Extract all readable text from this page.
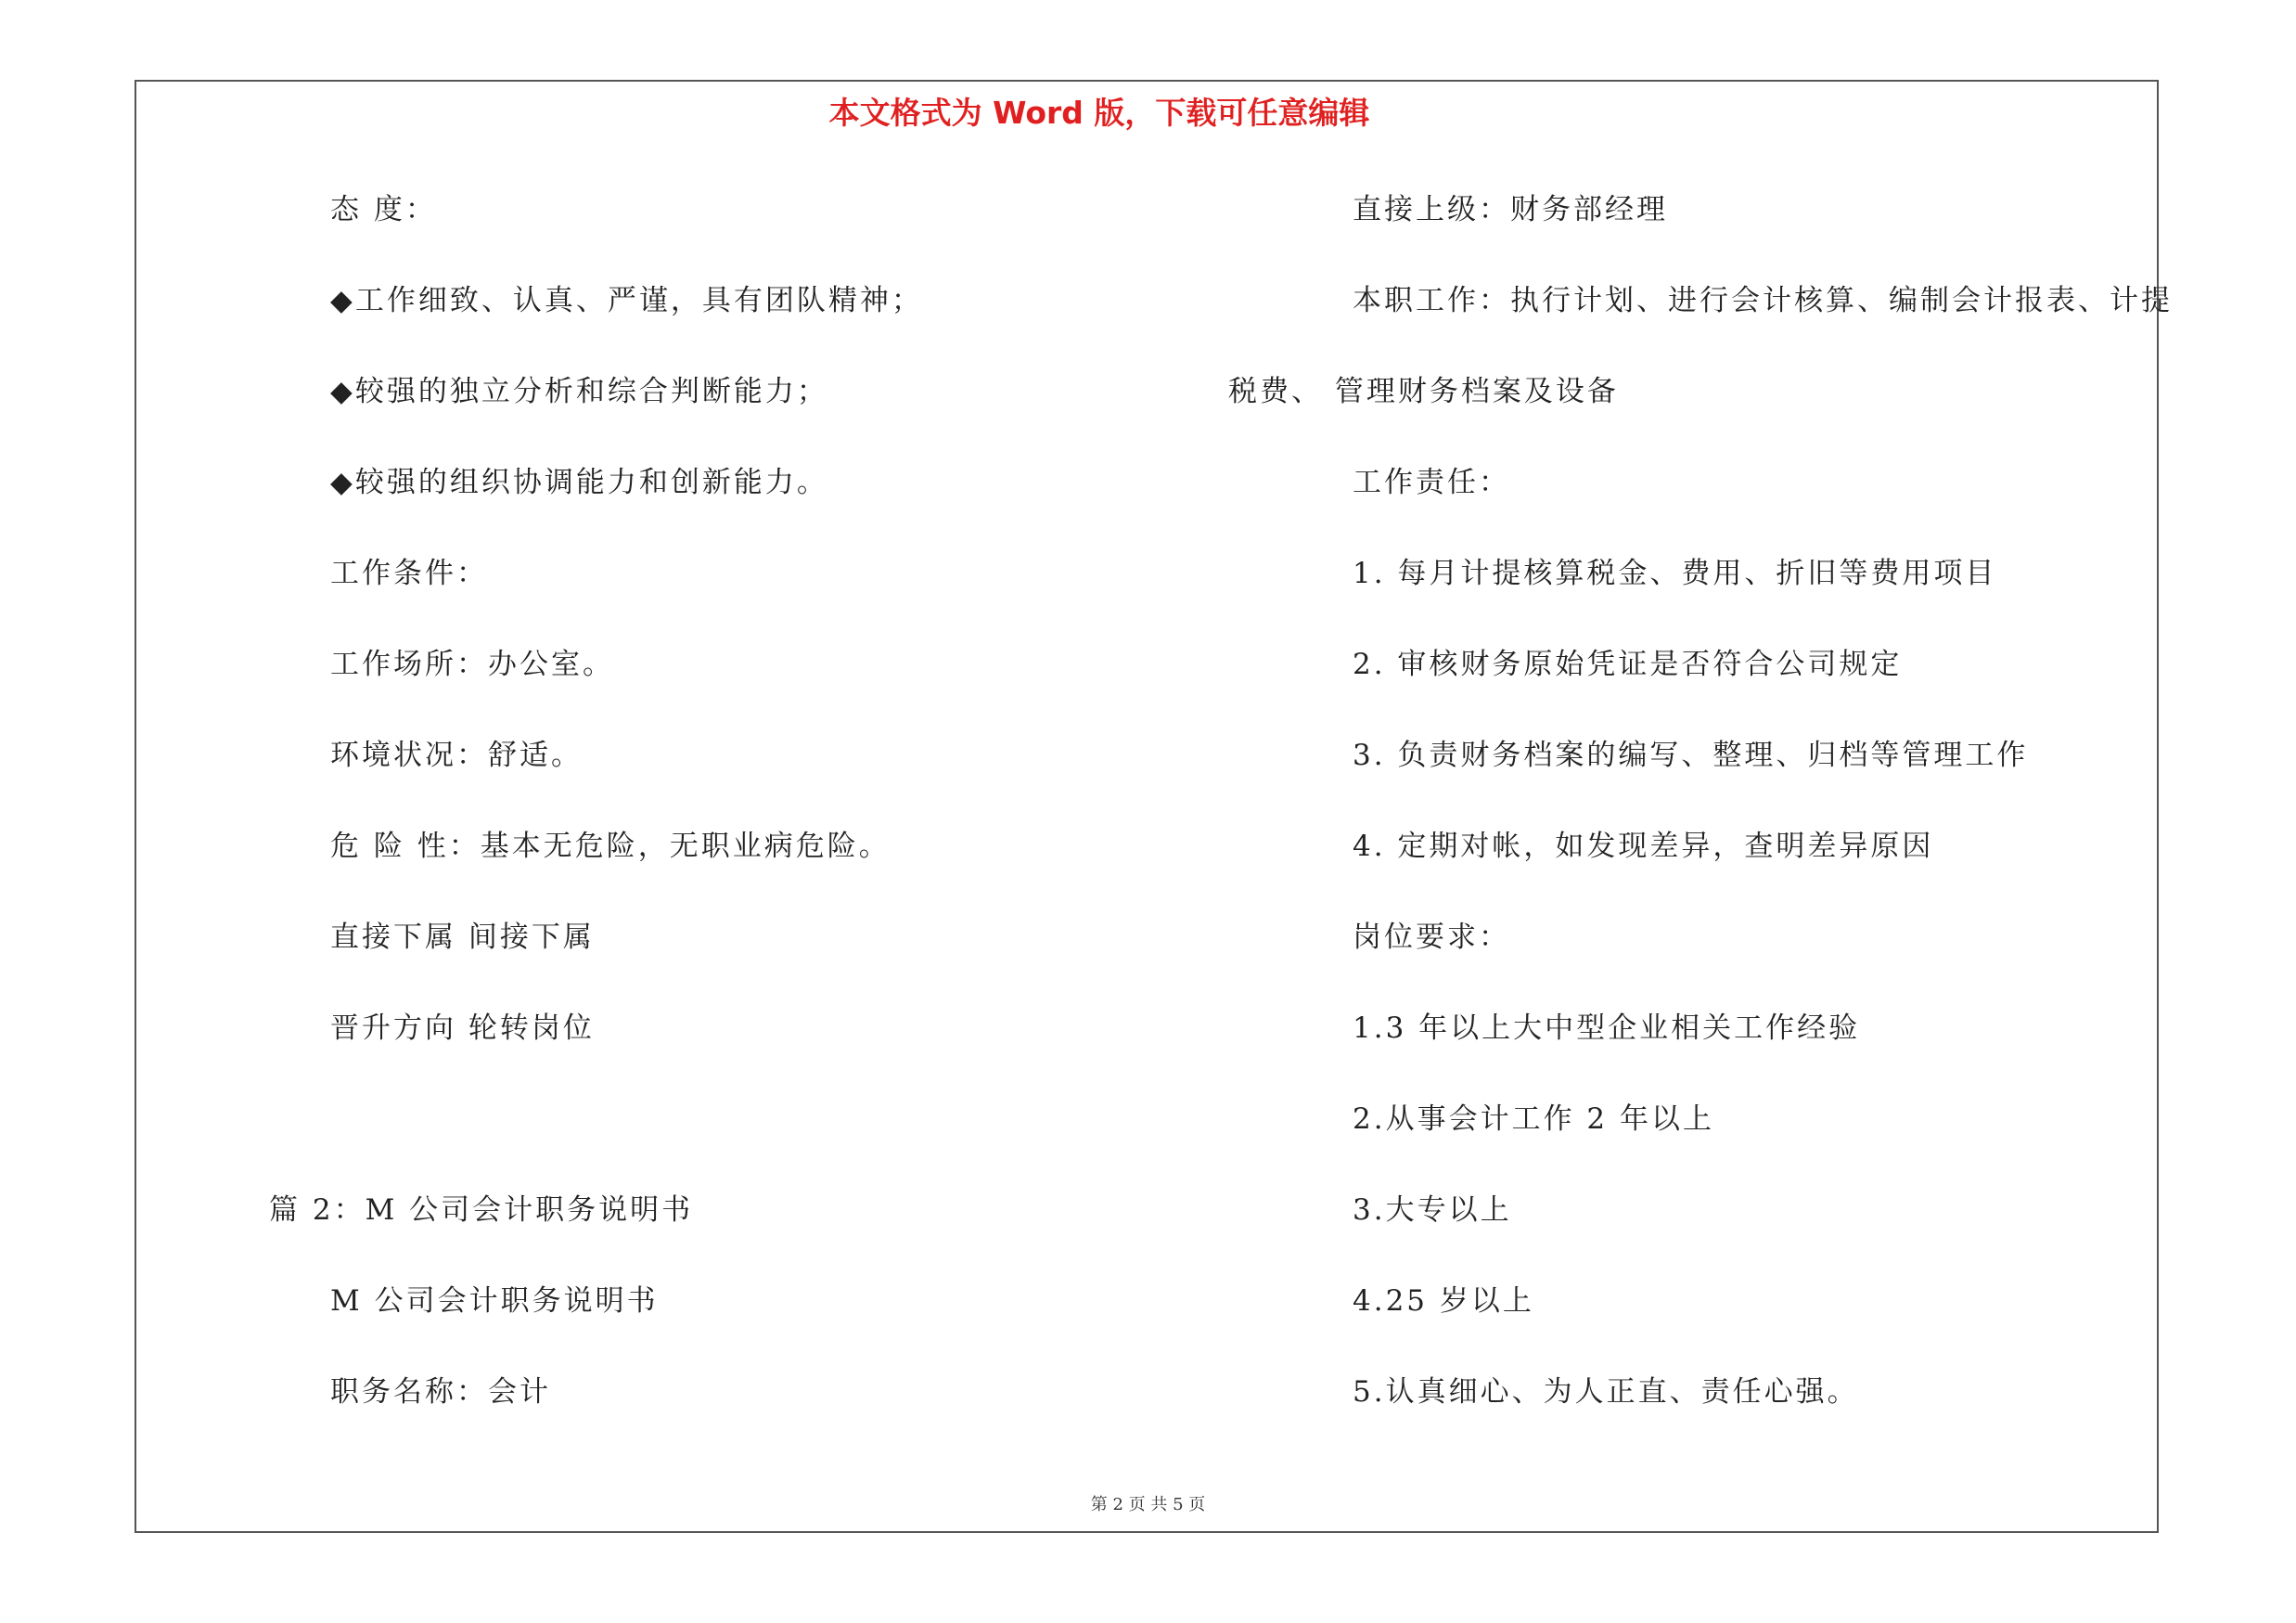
本文格式为 Word 版，下载可任意编辑
态 度：
◆工作细致、认真、严谨，具有团队精神；
◆较强的独立分析和综合判断能力；
◆较强的组织协调能力和创新能力。
工作条件：
工作场所：办公室。
环境状况：舒适。
危 险 性：基本无危险，无职业病危险。
直接下属 间接下属
晋升方向 轮转岗位
篇 2：M 公司会计职务说明书
M 公司会计职务说明书
职务名称：会计
直接上级：财务部经理
本职工作：执行计划、进行会计核算、编制会计报表、计提
税费、 管理财务档案及设备
工作责任：
1. 每月计提核算税金、费用、折旧等费用项目
2. 审核财务原始凭证是否符合公司规定
3. 负责财务档案的编写、整理、归档等管理工作
4. 定期对帐，如发现差异，查明差异原因
岗位要求：
1.3 年以上大中型企业相关工作经验
2.从事会计工作 2 年以上
3.大专以上
4.25 岁以上
5.认真细心、为人正直、责任心强。
第 2 页 共 5 页
